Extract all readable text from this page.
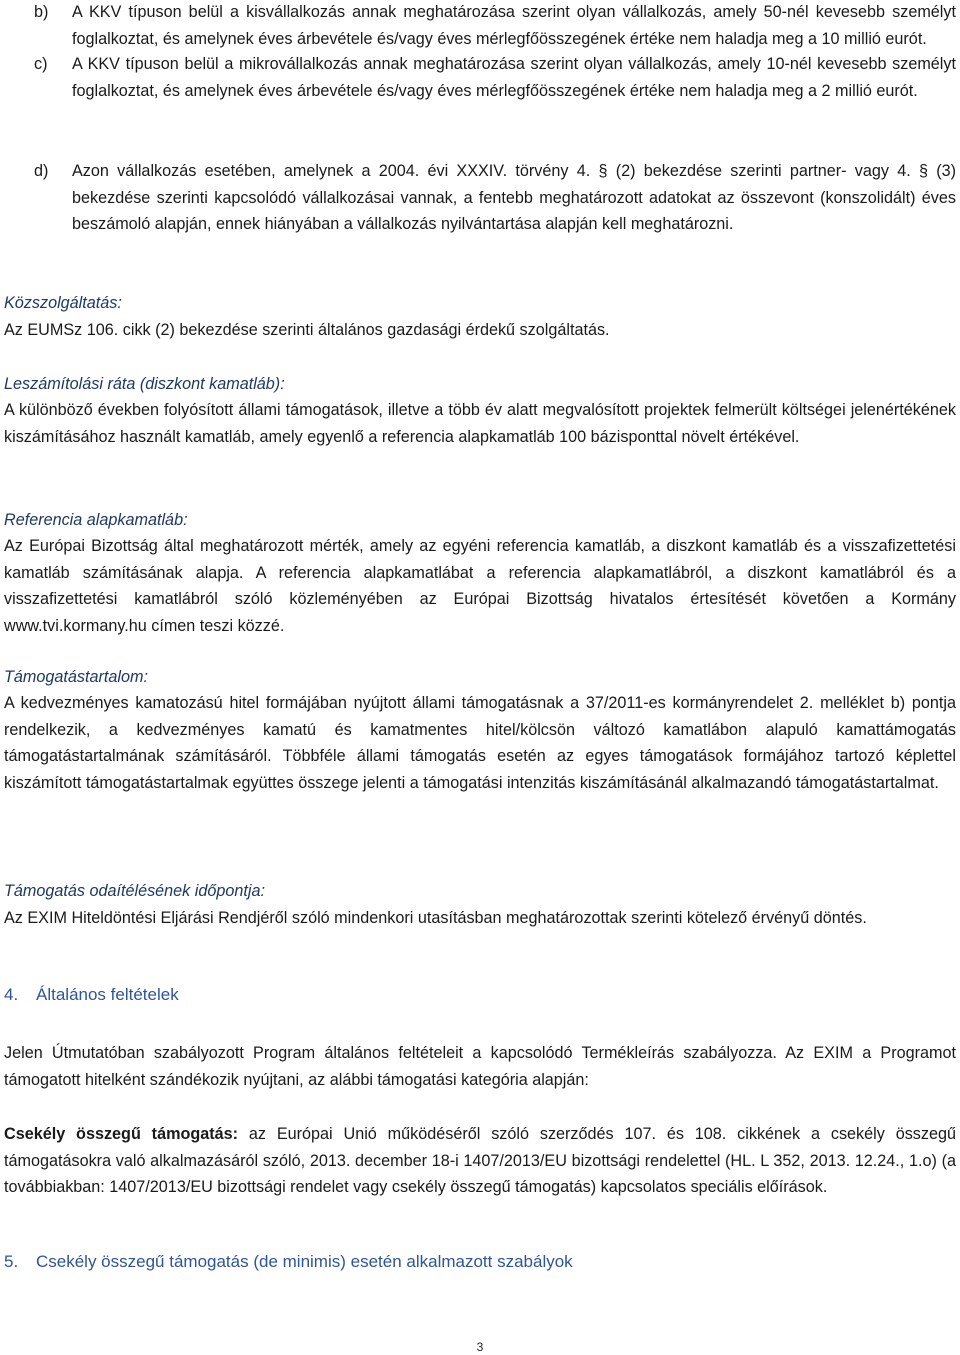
b)	A KKV típuson belül a kisvállalkozás annak meghatározása szerint olyan vállalkozás, amely 50-nél kevesebb személyt foglalkoztat, és amelynek éves árbevétele és/vagy éves mérlegfőösszegének értéke nem haladja meg a 10 millió eurót.
c)	A KKV típuson belül a mikrovállalkozás annak meghatározása szerint olyan vállalkozás, amely 10-nél kevesebb személyt foglalkoztat, és amelynek éves árbevétele és/vagy éves mérlegfőösszegének értéke nem haladja meg a 2 millió eurót.
d)	Azon vállalkozás esetében, amelynek a 2004. évi XXXIV. törvény 4. § (2) bekezdése szerinti partner- vagy 4. § (3) bekezdése szerinti kapcsolódó vállalkozásai vannak, a fentebb meghatározott adatokat az összevont (konszolidált) éves beszámoló alapján, ennek hiányában a vállalkozás nyilvántartása alapján kell meghatározni.
Közszolgáltatás:
Az EUMSz 106. cikk (2) bekezdése szerinti általános gazdasági érdekű szolgáltatás.
Leszámítolási ráta (diszkont kamatláb):
A különböző években folyósított állami támogatások, illetve a több év alatt megvalósított projektek felmerült költségei jelenértékének kiszámításához használt kamatláb, amely egyenlő a referencia alapkamatláb 100 bázisponttal növelt értékével.
Referencia alapkamatláb:
Az Európai Bizottság által meghatározott mérték, amely az egyéni referencia kamatláb, a diszkont kamatláb és a visszafizettetési kamatláb számításának alapja. A referencia alapkamatlábat a referencia alapkamatlábról, a diszkont kamatlábról és a visszafizettetési kamatlábról szóló közleményében az Európai Bizottság hivatalos értesítését követően a Kormány www.tvi.kormany.hu címen teszi közzé.
Támogatástartalom:
A kedvezményes kamatozású hitel formájában nyújtott állami támogatásnak a 37/2011-es kormányrendelet 2. melléklet b) pontja rendelkezik, a kedvezményes kamatú és kamatmentes hitel/kölcsön változó kamatlábon alapuló kamattámogatás támogatástartalmának számításáról. Többféle állami támogatás esetén az egyes támogatások formájához tartozó képlettel kiszámított támogatástartalmak együttes összege jelenti a támogatási intenzitás kiszámításánál alkalmazandó támogatástartalmat.
Támogatás odaítélésének időpontja:
Az EXIM Hiteldöntési Eljárási Rendjéről szóló mindenkori utasításban meghatározottak szerinti kötelező érvényű döntés.
4. Általános feltételek
Jelen Útmutatóban szabályozott Program általános feltételeit a kapcsolódó Termékleírás szabályozza. Az EXIM a Programot támogatott hitelként szándékozik nyújtani, az alábbi támogatási kategória alapján:
Csekély összegű támogatás: az Európai Unió működéséről szóló szerződés 107. és 108. cikkének a csekély összegű támogatásokra való alkalmazásáról szóló, 2013. december 18-i 1407/2013/EU bizottsági rendelettel (HL. L 352, 2013. 12.24., 1.o) (a továbbiakban: 1407/2013/EU bizottsági rendelet vagy csekély összegű támogatás) kapcsolatos speciális előírások.
5. Csekély összegű támogatás (de minimis) esetén alkalmazott szabályok
3
